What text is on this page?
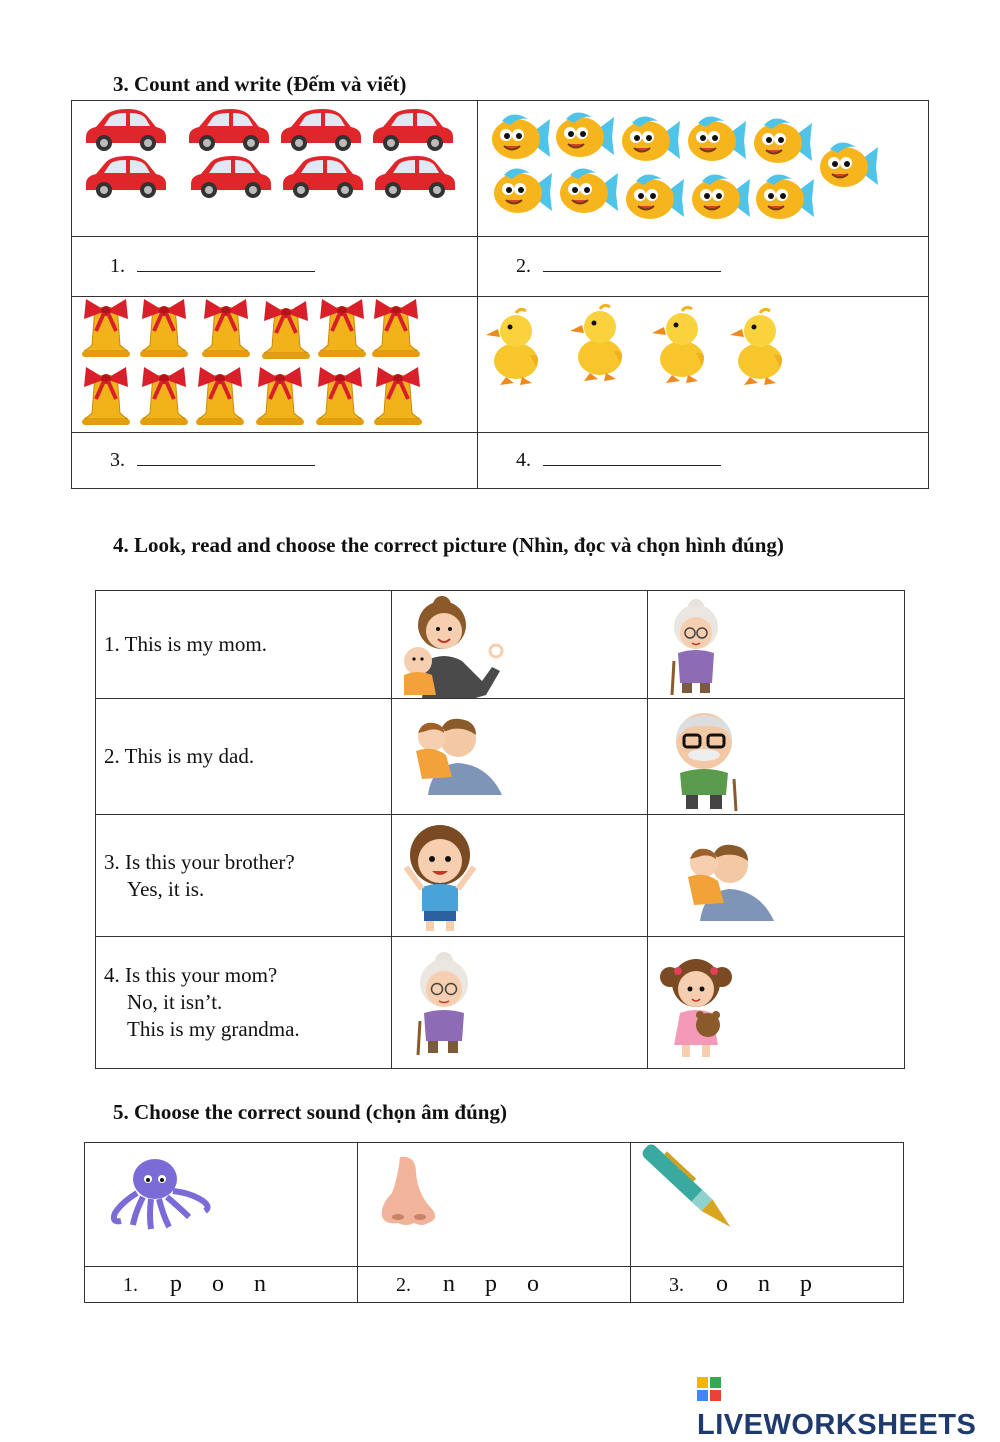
3. Count and write (Đếm và viết)

1.	2.

3.	4.
4. Look, read and choose the correct picture (Nhìn, đọc và chọn hình đúng)
1. This is my mom.	

2. This is my dad.	

3. Is this your brother?
Yes, it is.

4. Is this your mom?
No, it isn’t.
This is my grandma.

5. Choose the correct sound (chọn âm đúng)

1. p o n	2. n p o	3. o n p
LIVEWORKSHEETS
